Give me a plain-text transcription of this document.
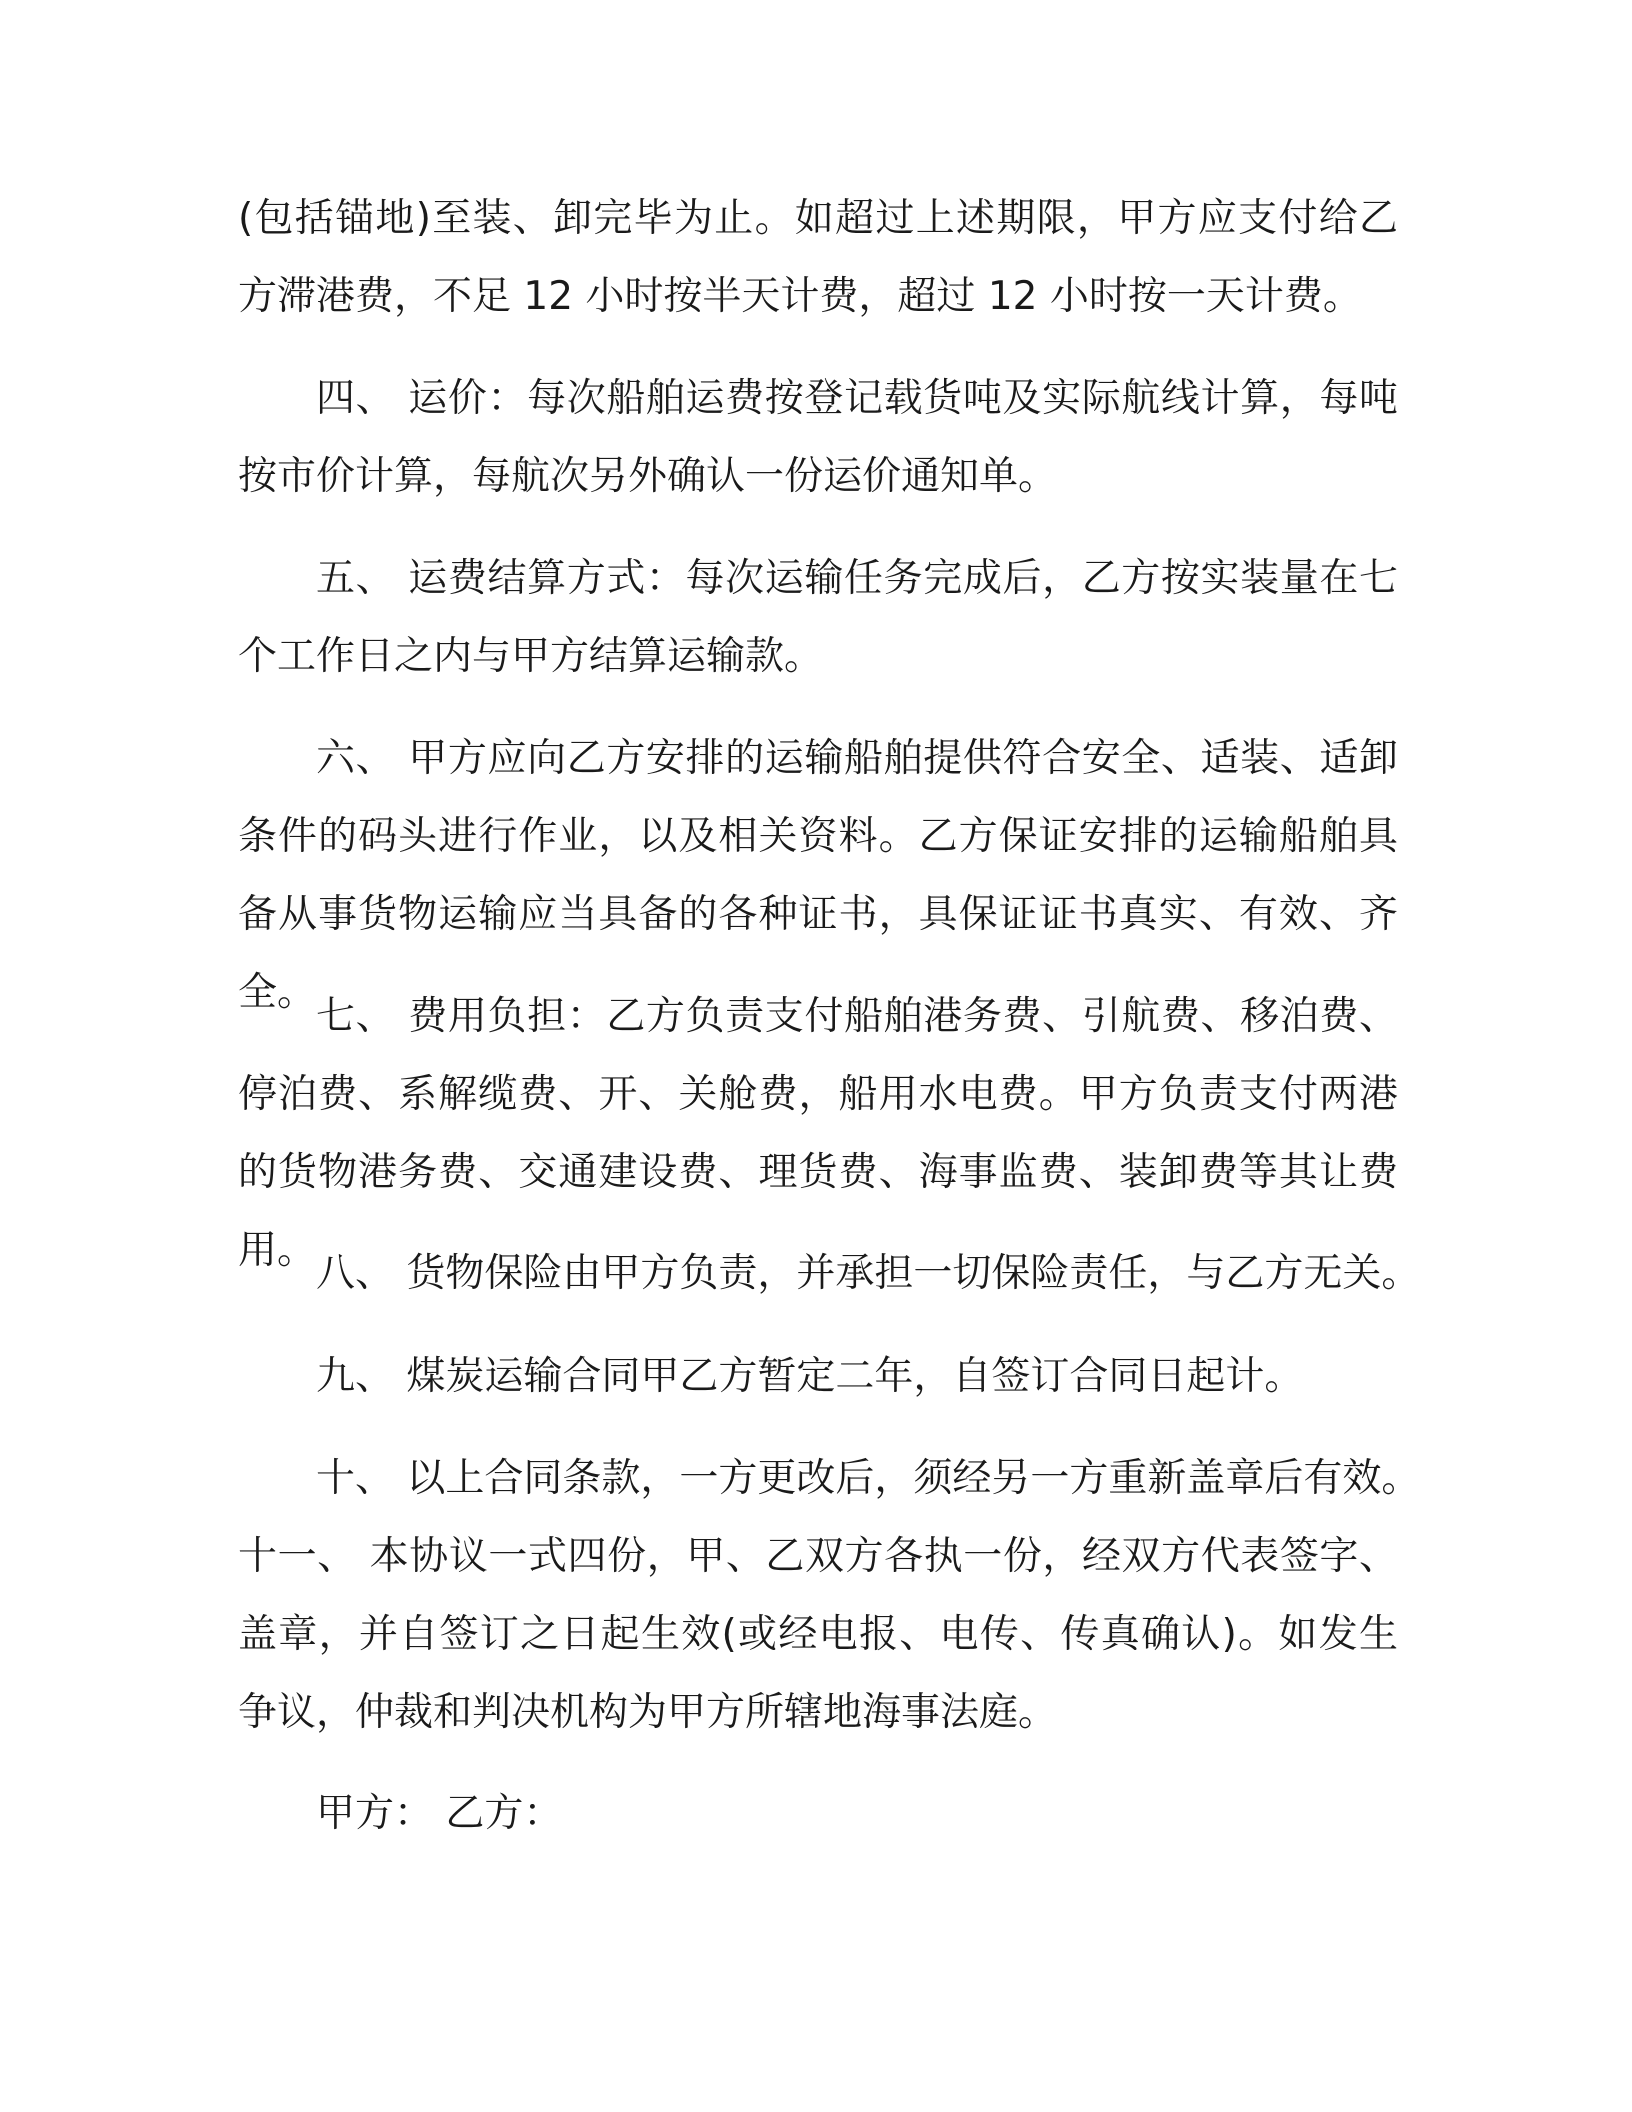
(包括锚地)至装、卸完毕为止。如超过上述期限，甲方应支付给乙方滞港费，不足 12 小时按半天计费，超过 12 小时按一天计费。

四、 运价：每次船舶运费按登记载货吨及实际航线计算，每吨按市价计算，每航次另外确认一份运价通知单。

五、 运费结算方式：每次运输任务完成后，乙方按实装量在七个工作日之内与甲方结算运输款。

六、 甲方应向乙方安排的运输船舶提供符合安全、适装、适卸条件的码头进行作业，以及相关资料。乙方保证安排的运输船舶具备从事货物运输应当具备的各种证书，具保证证书真实、有效、齐全。

七、 费用负担：乙方负责支付船舶港务费、引航费、移泊费、停泊费、系解缆费、开、关舱费，船用水电费。甲方负责支付两港的货物港务费、交通建设费、理货费、海事监费、装卸费等其让费用。

八、 货物保险由甲方负责，并承担一切保险责任，与乙方无关。

九、 煤炭运输合同甲乙方暂定二年，自签订合同日起计。

十、 以上合同条款，一方更改后，须经另一方重新盖章后有效。

十一、 本协议一式四份，甲、乙双方各执一份，经双方代表签字、盖章，并自签订之日起生效(或经电报、电传、传真确认)。如发生争议，仲裁和判决机构为甲方所辖地海事法庭。

甲方： 乙方：
